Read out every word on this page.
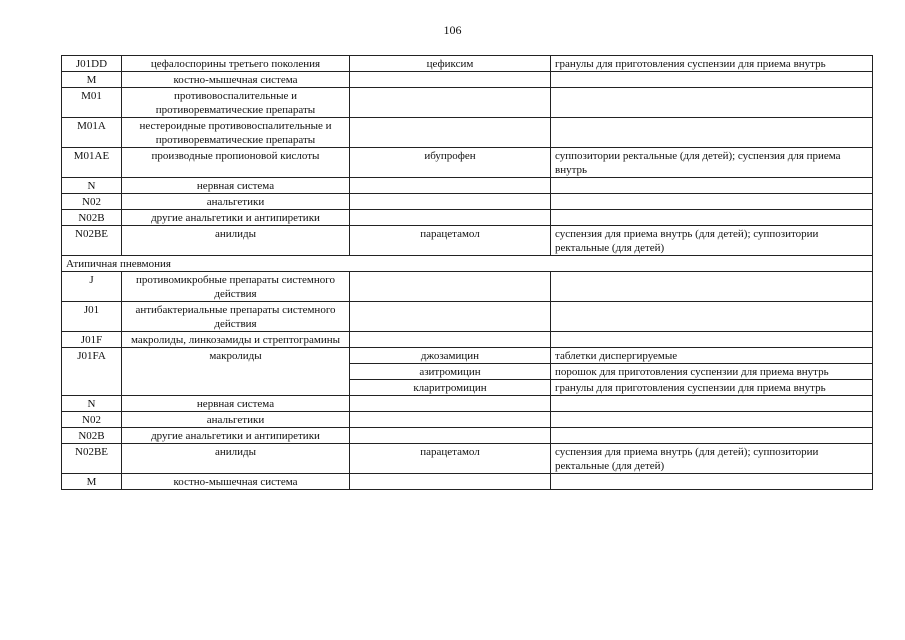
106
J01DD	цефалоспорины третьего поколения	цефиксим	гранулы для приготовления суспензии для приема внутрь
M	костно-мышечная система		
M01	противовоспалительные и противоревматические препараты		
M01A	нестероидные противовоспалительные и противоревматические препараты		
M01AE	производные пропионовой кислоты	ибупрофен	суппозитории ректальные (для детей); суспензия для приема внутрь
N	нервная система		
N02	анальгетики		
N02B	другие анальгетики и антипиретики		
N02BE	анилиды	парацетамол	суспензия для приема внутрь (для детей); суппозитории ректальные (для детей)
Атипичная пневмония			
J	противомикробные препараты системного действия		
J01	антибактериальные препараты системного действия		
J01F	макролиды, линкозамиды и стрептограмины		
J01FA	макролиды	джозамицин	таблетки диспергируемые
		азитромицин	порошок для приготовления суспензии для приема внутрь
		кларитромицин	гранулы для приготовления суспензии для приема внутрь
N	нервная система		
N02	анальгетики		
N02B	другие анальгетики и антипиретики		
N02BE	анилиды	парацетамол	суспензия для приема внутрь (для детей); суппозитории ректальные (для детей)
M	костно-мышечная система		
